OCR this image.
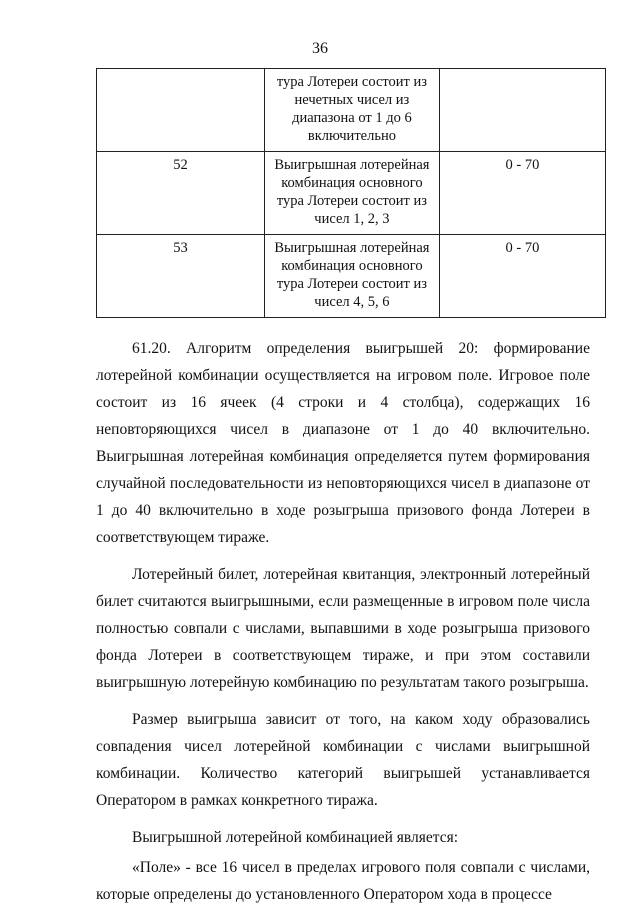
36
	тура Лотереи состоит из нечетных чисел из диапазона от 1 до 6 включительно	
52	Выигрышная лотерейная комбинация основного тура Лотереи состоит из чисел 1, 2, 3	0 - 70
53	Выигрышная лотерейная комбинация основного тура Лотереи состоит из чисел 4, 5, 6	0 - 70

61.20. Алгоритм определения выигрышей 20: формирование лотерейной комбинации осуществляется на игровом поле. Игровое поле состоит из 16 ячеек (4 строки и 4 столбца), содержащих 16 неповторяющихся чисел в диапазоне от 1 до 40 включительно. Выигрышная лотерейная комбинация определяется путем формирования случайной последовательности из неповторяющихся чисел в диапазоне от 1 до 40 включительно в ходе розыгрыша призового фонда Лотереи в соответствующем тираже.

Лотерейный билет, лотерейная квитанция, электронный лотерейный билет считаются выигрышными, если размещенные в игровом поле числа полностью совпали с числами, выпавшими в ходе розыгрыша призового фонда Лотереи в соответствующем тираже, и при этом составили выигрышную лотерейную комбинацию по результатам такого розыгрыша.

Размер выигрыша зависит от того, на каком ходу образовались совпадения чисел лотерейной комбинации с числами выигрышной комбинации. Количество категорий выигрышей устанавливается Оператором в рамках конкретного тиража.

Выигрышной лотерейной комбинацией является:

«Поле» - все 16 чисел в пределах игрового поля совпали с числами, которые определены до установленного Оператором хода в процессе
